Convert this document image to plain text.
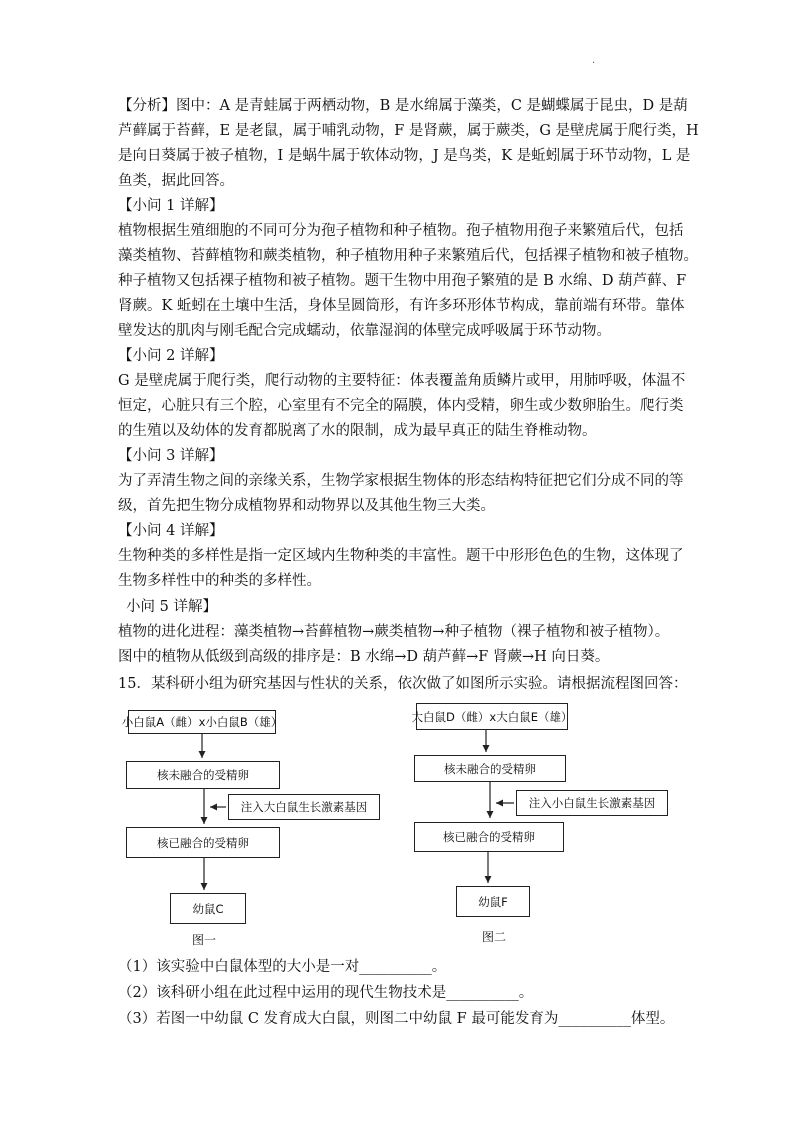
·
【分析】图中：A 是青蛙属于两栖动物，B 是水绵属于藻类，C 是蝴蝶属于昆虫，D 是葫
芦藓属于苔藓，E 是老鼠，属于哺乳动物，F 是肾蕨，属于蕨类，G 是壁虎属于爬行类，H
是向日葵属于被子植物，I 是蜗牛属于软体动物，J 是鸟类，K 是蚯蚓属于环节动物，L 是
鱼类，据此回答。
【小问 1 详解】
植物根据生殖细胞的不同可分为孢子植物和种子植物。孢子植物用孢子来繁殖后代，包括
藻类植物、苔藓植物和蕨类植物，种子植物用种子来繁殖后代，包括裸子植物和被子植物。
种子植物又包括裸子植物和被子植物。题干生物中用孢子繁殖的是 B 水绵、D 葫芦藓、F
肾蕨。K 蚯蚓在土壤中生活，身体呈圆筒形，有许多环形体节构成，靠前端有环带。靠体
壁发达的肌肉与刚毛配合完成蠕动，依靠湿润的体壁完成呼吸属于环节动物。
【小问 2 详解】
G 是壁虎属于爬行类，爬行动物的主要特征：体表覆盖角质鳞片或甲，用肺呼吸，体温不
恒定，心脏只有三个腔，心室里有不完全的隔膜，体内受精，卵生或少数卵胎生。爬行类
的生殖以及幼体的发育都脱离了水的限制，成为最早真正的陆生脊椎动物。
【小问 3 详解】
为了弄清生物之间的亲缘关系，生物学家根据生物体的形态结构特征把它们分成不同的等
级，首先把生物分成植物界和动物界以及其他生物三大类。
【小问 4 详解】
生物种类的多样性是指一定区域内生物种类的丰富性。题干中形形色色的生物，这体现了
生物多样性中的种类的多样性。
小问 5 详解】
植物的进化进程：藻类植物→苔藓植物→蕨类植物→种子植物（裸子植物和被子植物）。
图中的植物从低级到高级的排序是：B 水绵→D 葫芦藓→F 肾蕨→H 向日葵。
15．某科研小组为研究基因与性状的关系，依次做了如图所示实验。请根据流程图回答：
小白鼠A（雌）x小白鼠B（雄）
核未融合的受精卵
注入大白鼠生长激素基因
核已融合的受精卵
幼鼠C
图一
大白鼠D（雌）x大白鼠E（雄）
核未融合的受精卵
注入小白鼠生长激素基因
核已融合的受精卵
幼鼠F
图二
（1）该实验中白鼠体型的大小是一对__________。
（2）该科研小组在此过程中运用的现代生物技术是__________。
（3）若图一中幼鼠 C 发育成大白鼠，则图二中幼鼠 F 最可能发育为__________体型。
